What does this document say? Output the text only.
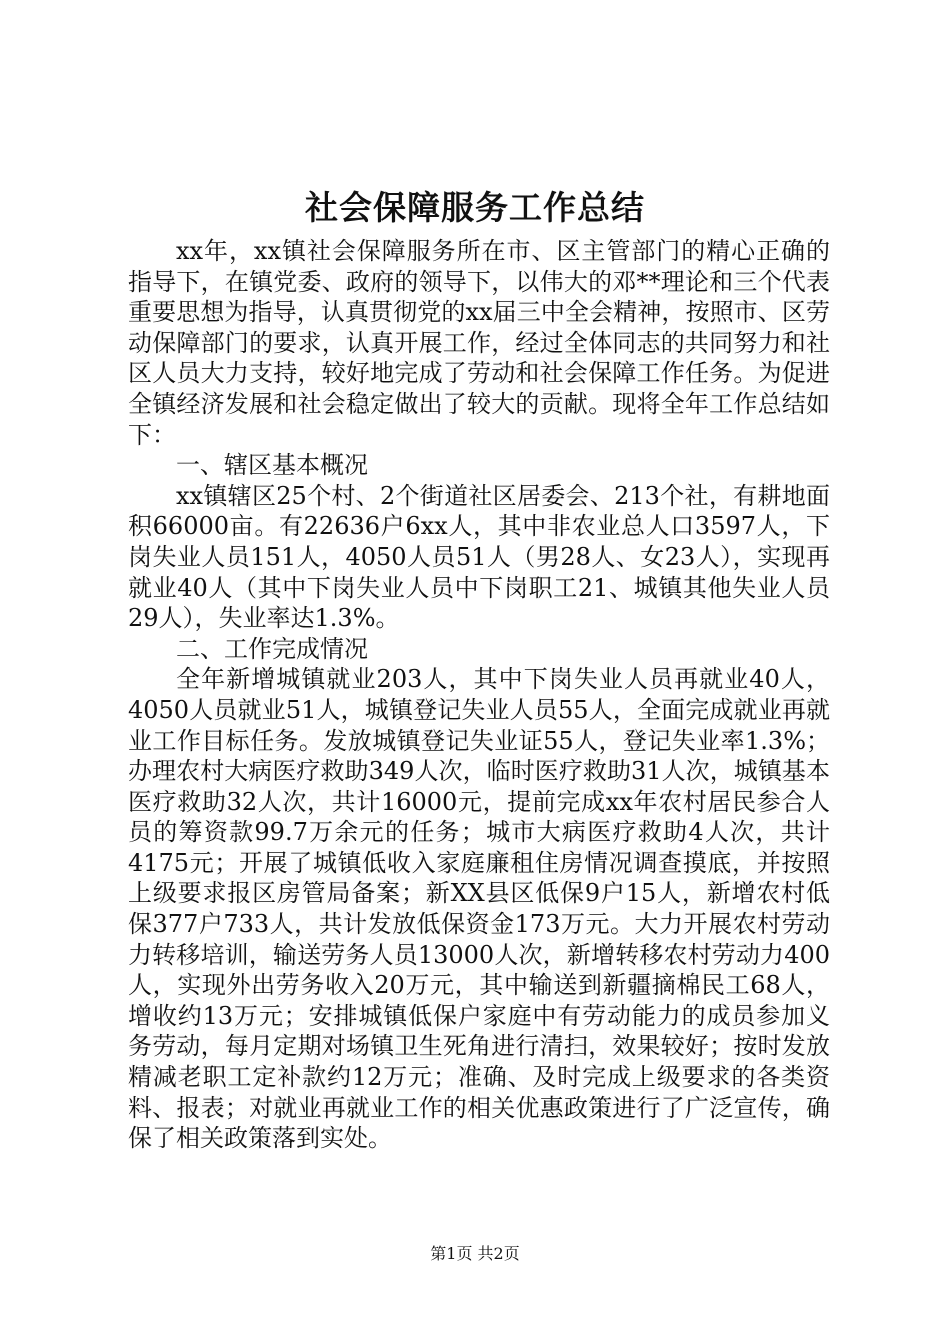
社会保障服务工作总结

xx年，xx镇社会保障服务所在市、区主管部门的精心正确的指导下，在镇党委、政府的领导下，以伟大的邓**理论和三个代表重要思想为指导，认真贯彻党的xx届三中全会精神，按照市、区劳动保障部门的要求，认真开展工作，经过全体同志的共同努力和社区人员大力支持，较好地完成了劳动和社会保障工作任务。为促进全镇经济发展和社会稳定做出了较大的贡献。现将全年工作总结如下：

一、辖区基本概况

xx镇辖区25个村、2个街道社区居委会、213个社，有耕地面积66000亩。有22636户6xx人，其中非农业总人口3597人，下岗失业人员151人，4050人员51人（男28人、女23人），实现再就业40人（其中下岗失业人员中下岗职工21、城镇其他失业人员29人），失业率达1.3%。

二、工作完成情况

全年新增城镇就业203人，其中下岗失业人员再就业40人，4050人员就业51人，城镇登记失业人员55人，全面完成就业再就业工作目标任务。发放城镇登记失业证55人，登记失业率1.3%；办理农村大病医疗救助349人次，临时医疗救助31人次，城镇基本医疗救助32人次，共计16000元，提前完成xx年农村居民参合人员的筹资款99.7万余元的任务；城市大病医疗救助4人次，共计4175元；开展了城镇低收入家庭廉租住房情况调查摸底，并按照上级要求报区房管局备案；新XX县区低保9户15人，新增农村低保377户733人，共计发放低保资金173万元。大力开展农村劳动力转移培训，输送劳务人员13000人次，新增转移农村劳动力400人，实现外出劳务收入20万元，其中输送到新疆摘棉民工68人，增收约13万元；安排城镇低保户家庭中有劳动能力的成员参加义务劳动，每月定期对场镇卫生死角进行清扫，效果较好；按时发放精减老职工定补款约12万元；准确、及时完成上级要求的各类资料、报表；对就业再就业工作的相关优惠政策进行了广泛宣传，确保了相关政策落到实处。

第1页 共2页
